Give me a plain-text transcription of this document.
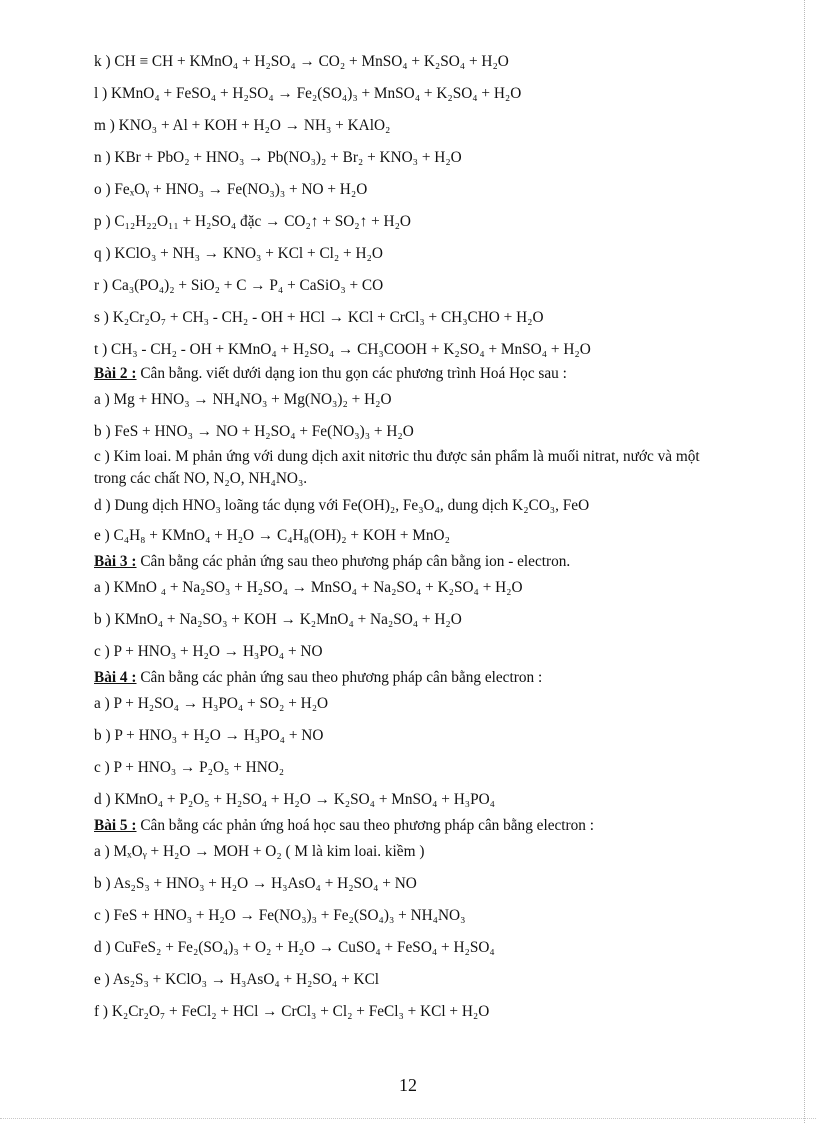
k ) CH ≡ CH + KMnO₄ + H₂SO₄ → CO₂ + MnSO₄ + K₂SO₄ + H₂O

l ) KMnO₄ + FeSO₄ + H₂SO₄ → Fe₂(SO₄)₃ + MnSO₄ + K₂SO₄ + H₂O

m ) KNO₃ + Al + KOH + H₂O → NH₃ + KAlO₂

n ) KBr + PbO₂ + HNO₃ → Pb(NO₃)₂ + Br₂ + KNO₃ + H₂O

o ) FeₓOᵧ + HNO₃ → Fe(NO₃)₃ + NO + H₂O

p ) C₁₂H₂₂O₁₁ + H₂SO₄ đặc → CO₂↑ + SO₂↑ + H₂O

q ) KClO₃ + NH₃ → KNO₃ + KCl + Cl₂ + H₂O

r ) Ca₃(PO₄)₂ + SiO₂ + C → P₄ + CaSiO₃ + CO

s ) K₂Cr₂O₇ + CH₃ - CH₂ - OH + HCl → KCl + CrCl₃ + CH₃CHO + H₂O

t ) CH₃ - CH₂ - OH + KMnO₄ + H₂SO₄ → CH₃COOH + K₂SO₄ + MnSO₄ + H₂O

Bài 2 : Cân bằng. viết dưới dạng ion thu gọn các phương trình Hoá Học sau :

a ) Mg + HNO₃ → NH₄NO₃ + Mg(NO₃)₂ + H₂O

b ) FeS + HNO₃ → NO + H₂SO₄ + Fe(NO₃)₃ + H₂O

c ) Kim loai. M phản ứng với dung dịch axit nitơric thu được sản phẩm là muối nitrat, nước và một trong các chất NO, N₂O, NH₄NO₃.

d ) Dung dịch HNO₃ loãng tác dụng với Fe(OH)₂, Fe₃O₄, dung dịch K₂CO₃, FeO

e ) C₄H₈ + KMnO₄ + H₂O → C₄H₈(OH)₂ + KOH + MnO₂

Bài 3 : Cân bằng các phản ứng sau theo phương pháp cân bằng ion - electron.

a ) KMnO ₄ + Na₂SO₃ + H₂SO₄ → MnSO₄ + Na₂SO₄ + K₂SO₄ + H₂O

b ) KMnO₄ + Na₂SO₃ + KOH → K₂MnO₄ + Na₂SO₄ + H₂O

c ) P + HNO₃ + H₂O → H₃PO₄ + NO

Bài 4 : Cân bằng các phản ứng sau theo phương pháp cân bằng electron :

a ) P + H₂SO₄ → H₃PO₄ + SO₂ + H₂O

b ) P + HNO₃ + H₂O → H₃PO₄ + NO

c ) P + HNO₃ → P₂O₅ + HNO₂

d ) KMnO₄ + P₂O₅ + H₂SO₄ + H₂O → K₂SO₄ + MnSO₄ + H₃PO₄

Bài 5 : Cân bằng các phản ứng hoá học sau theo phương pháp cân bằng electron :

a ) MₓOᵧ + H₂O → MOH + O₂ ( M là kim loai. kiềm )

b ) As₂S₃ + HNO₃ + H₂O → H₃AsO₄ + H₂SO₄ + NO

c ) FeS + HNO₃ + H₂O → Fe(NO₃)₃ + Fe₂(SO₄)₃ + NH₄NO₃

d ) CuFeS₂ + Fe₂(SO₄)₃ + O₂ + H₂O → CuSO₄ + FeSO₄ + H₂SO₄

e ) As₂S₃ + KClO₃ → H₃AsO₄ + H₂SO₄ + KCl

f ) K₂Cr₂O₇ + FeCl₂ + HCl → CrCl₃ + Cl₂ + FeCl₃ + KCl + H₂O

12
